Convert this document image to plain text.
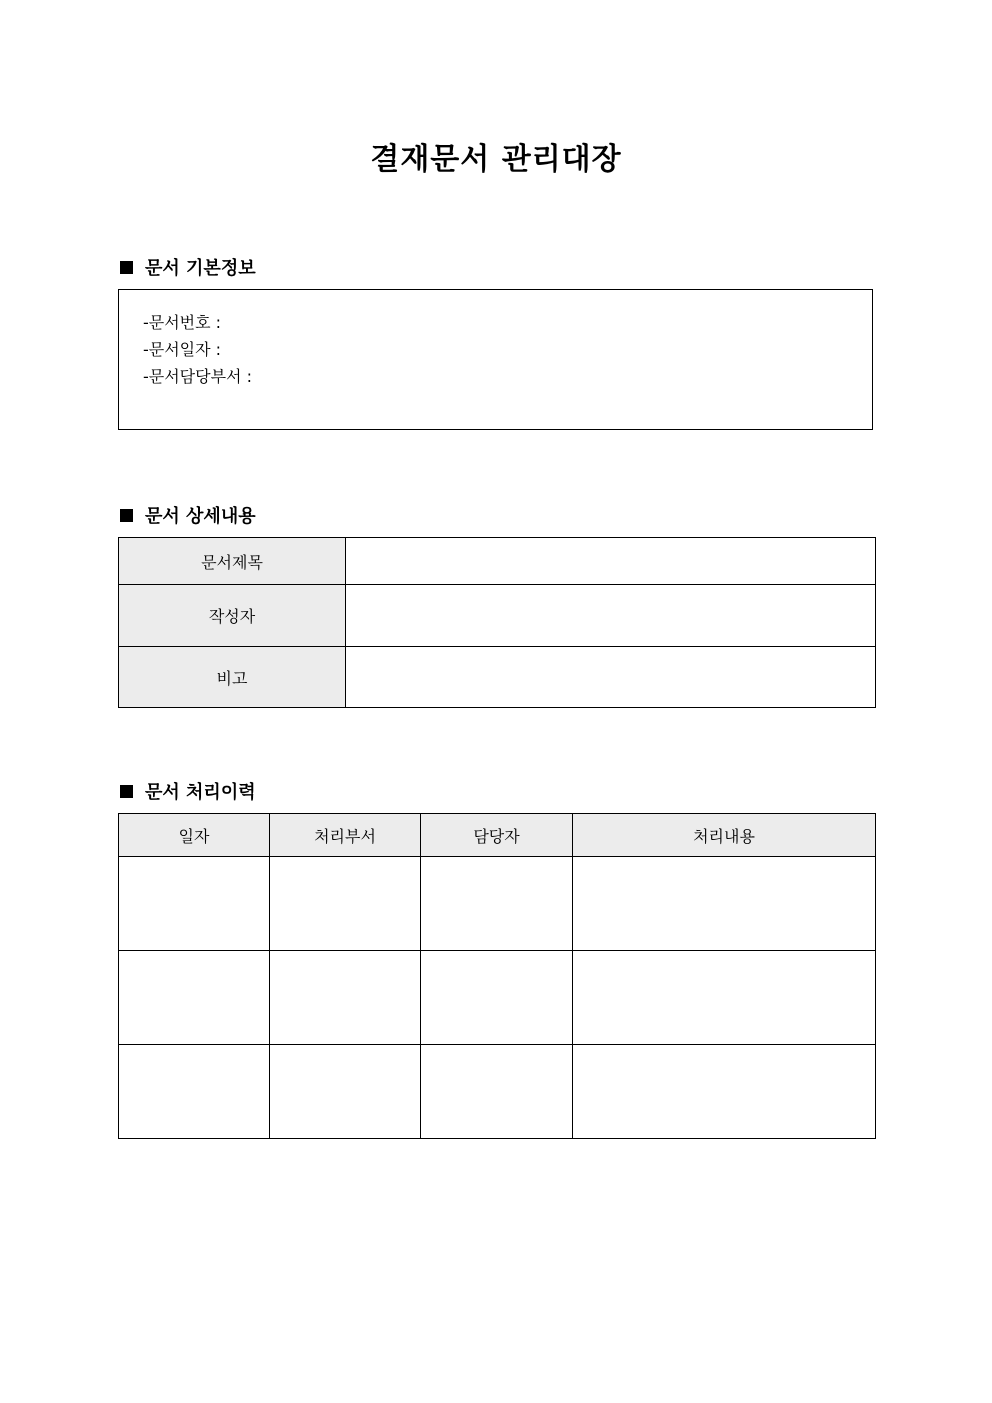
결재문서 관리대장
문서 기본정보
-문서번호 :
-문서일자 :
-문서담당부서 :
문서 상세내용
문서제목	
작성자	
비고	
문서 처리이력
일자	처리부서	담당자	처리내용
